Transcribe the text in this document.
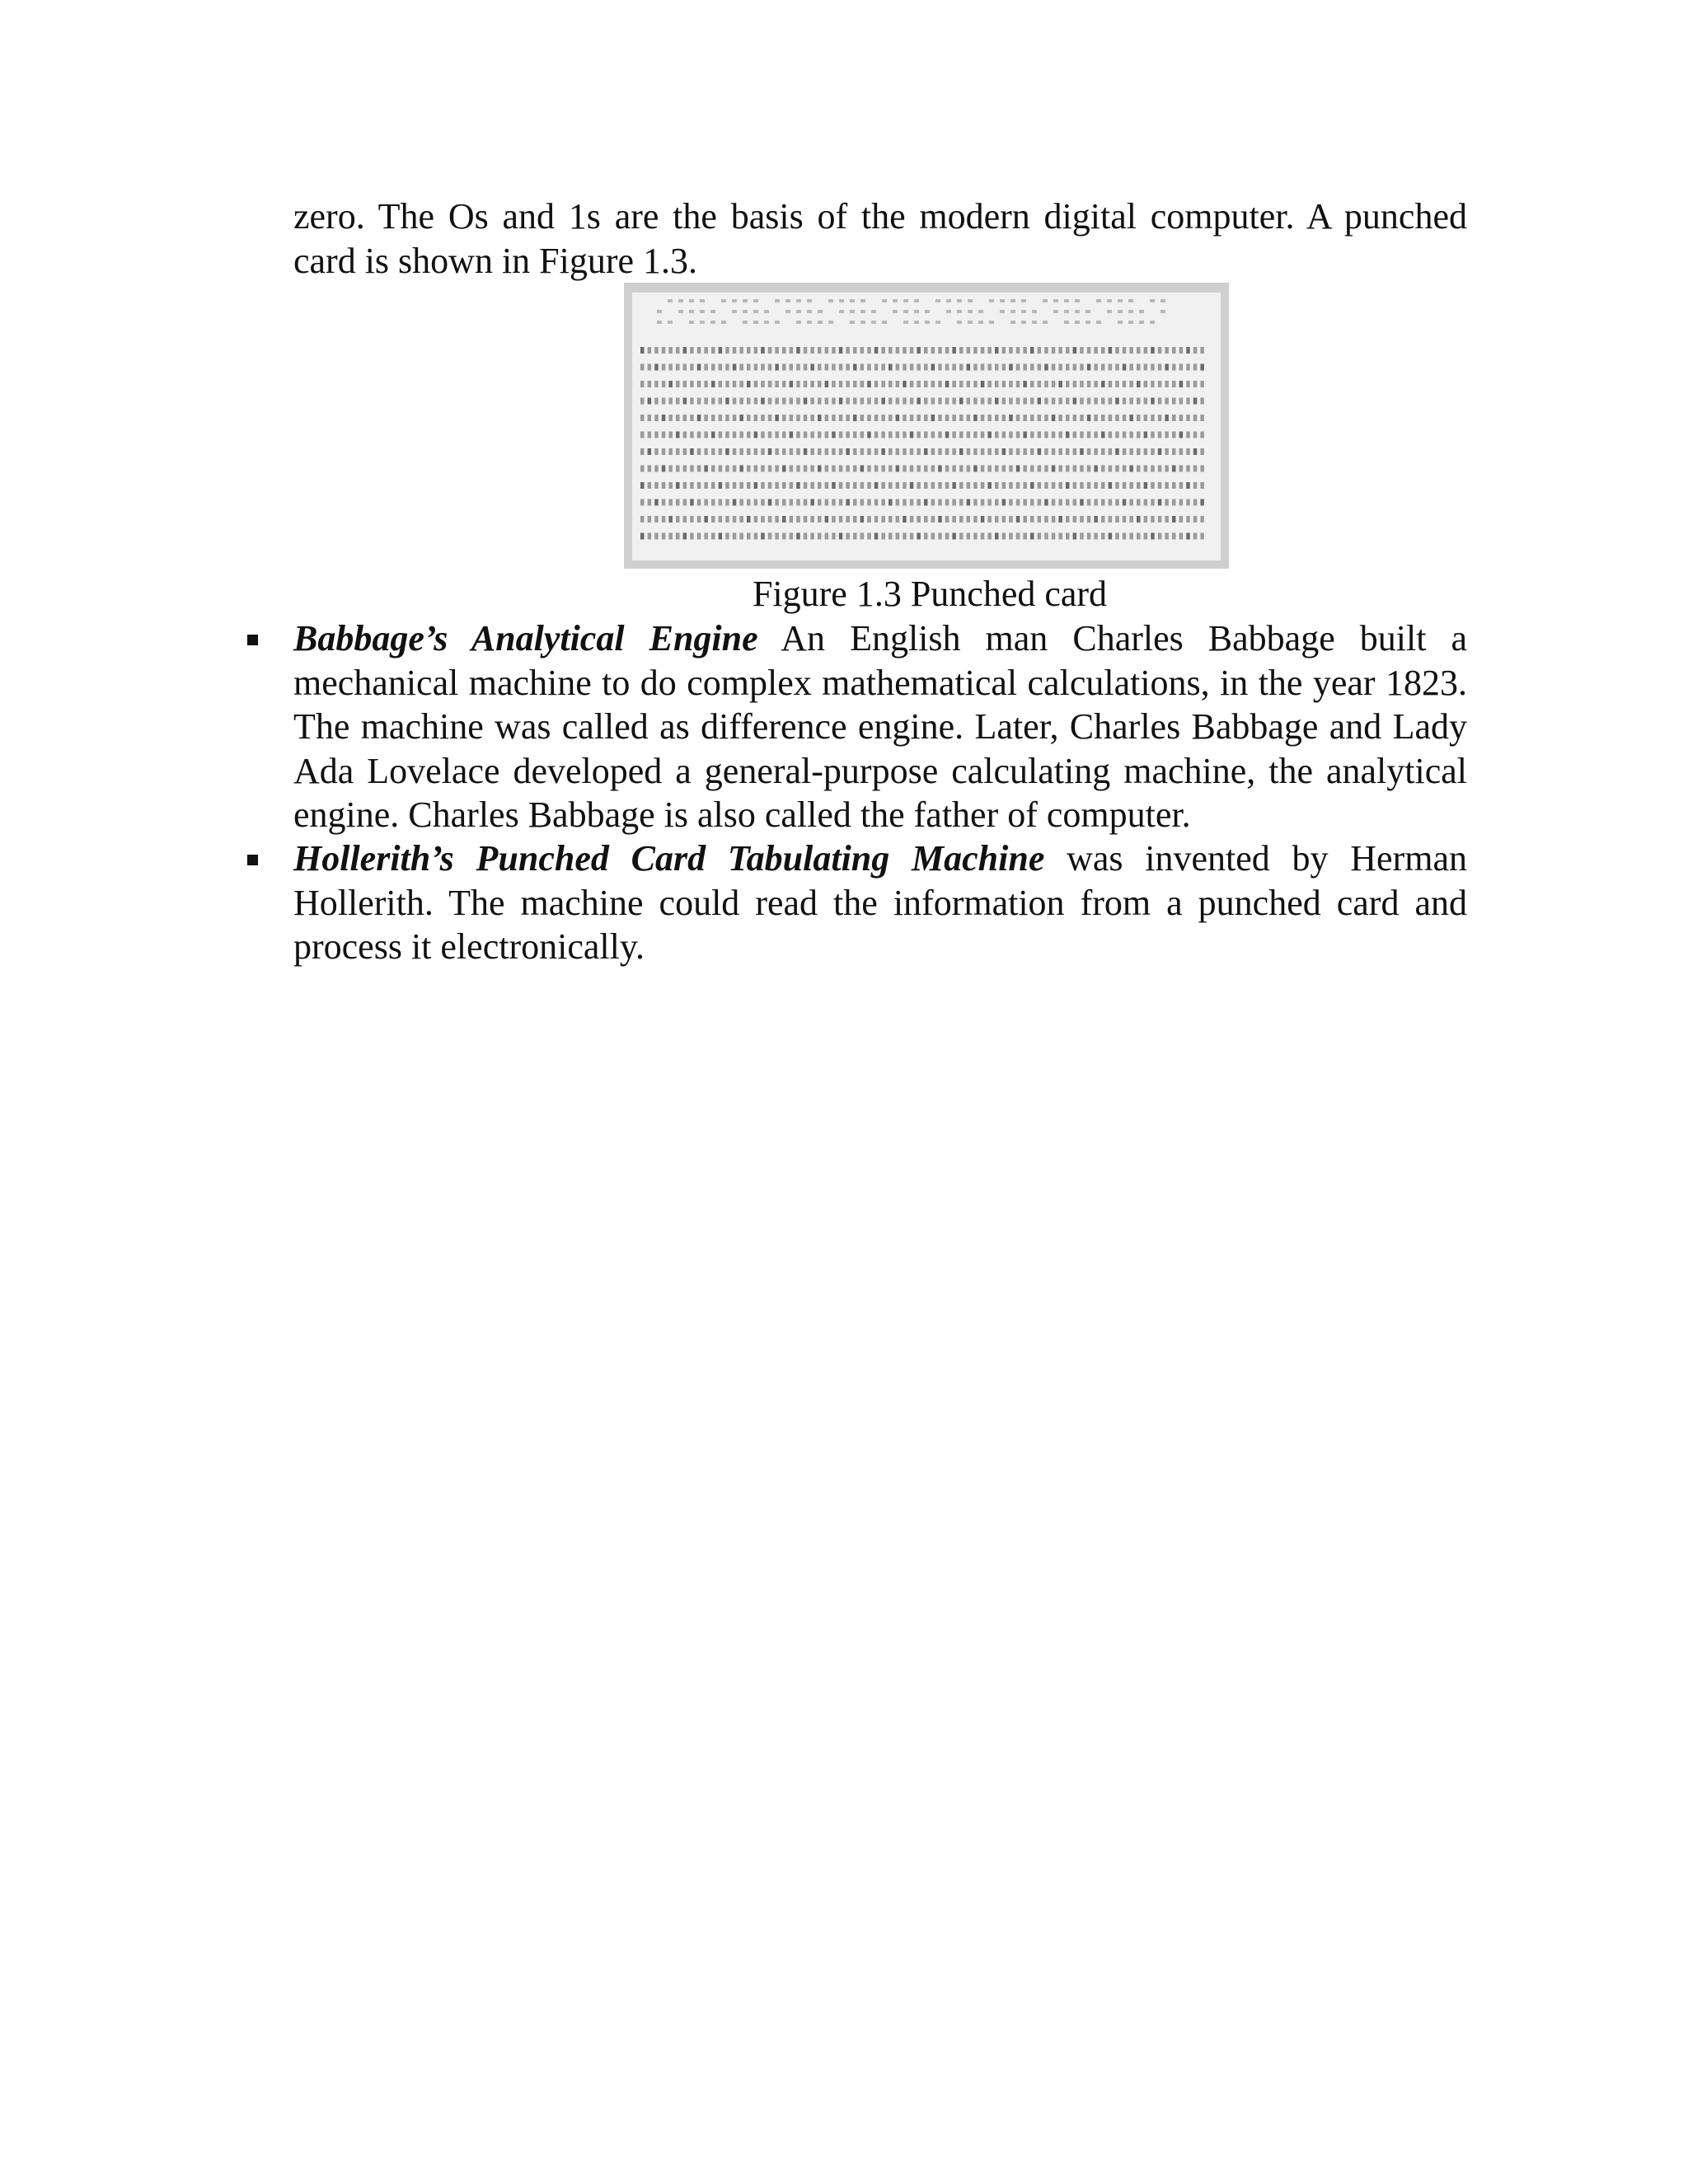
zero. The Os and 1s are the basis of the modern digital computer. A punched card is shown in Figure 1.3.

Figure 1.3 Punched card

Babbage’s Analytical Engine An English man Charles Babbage built a mechanical machine to do complex mathematical calculations, in the year 1823. The machine was called as difference engine. Later, Charles Babbage and Lady Ada Lovelace developed a general-purpose calculating machine, the analytical engine. Charles Babbage is also called the father of computer.

Hollerith’s Punched Card Tabulating Machine was invented by Herman Hollerith. The machine could read the information from a punched card and process it electronically.
